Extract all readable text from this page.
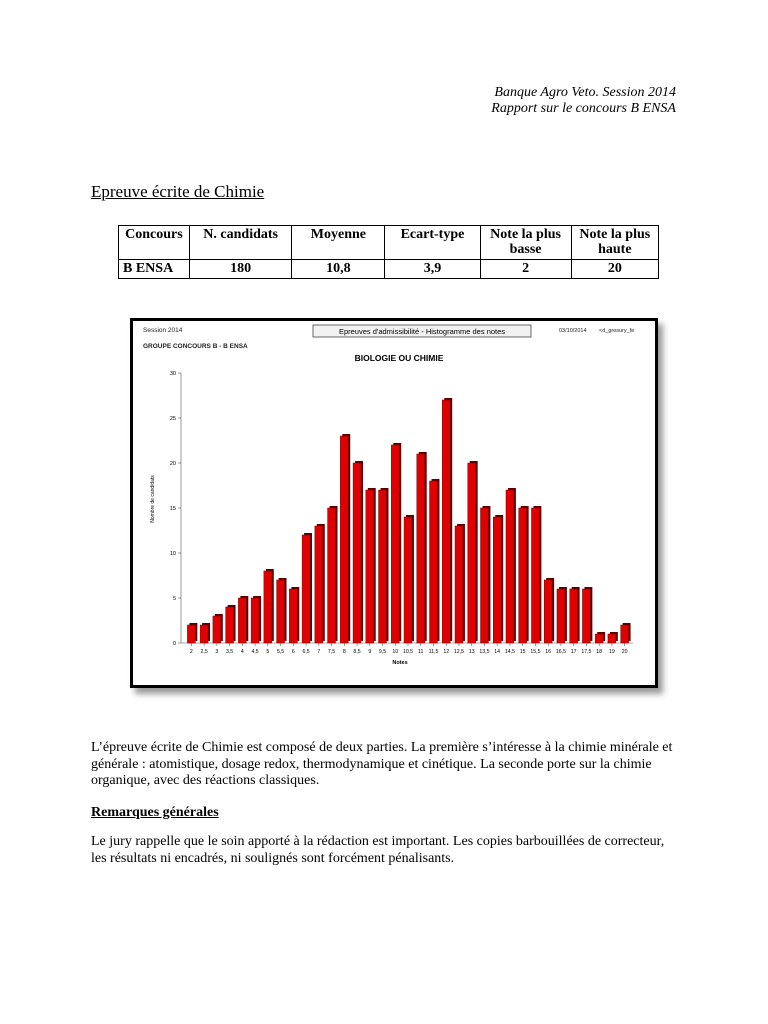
Banque Agro Veto. Session 2014
Rapport sur le concours B ENSA
Epreuve écrite de Chimie
Concours	N. candidats	Moyenne	Ecart-type	Note la plus basse	Note la plus haute
B ENSA	180	10,8	3,9	2	20
Session 2014	Epreuves d'admissibilité - Histogramme des notes	03/10/2014 <d_gresury_fe
GROUPE CONCOURS B - B ENSA
BIOLOGIE OU CHIMIE
Nombre de candidats
Notes
0
5
10
15
20
25
30
2 2,5 3 3,5 4 4,5 5 5,5 6 6,5 7 7,5 8 8,5 9 9,5 10 10,5 11 11,5 12 12,5 13 13,5 14 14,5 15 15,5 16 16,5 17 17,5 18 19 20
L’épreuve écrite de Chimie est composé de deux parties. La première s’intéresse à la chimie minérale et générale : atomistique, dosage redox, thermodynamique et cinétique. La seconde porte sur la chimie organique, avec des réactions classiques.
Remarques générales
Le jury rappelle que le soin apporté à la rédaction est important. Les copies barbouillées de correcteur, les résultats ni encadrés, ni soulignés sont forcément pénalisants.
